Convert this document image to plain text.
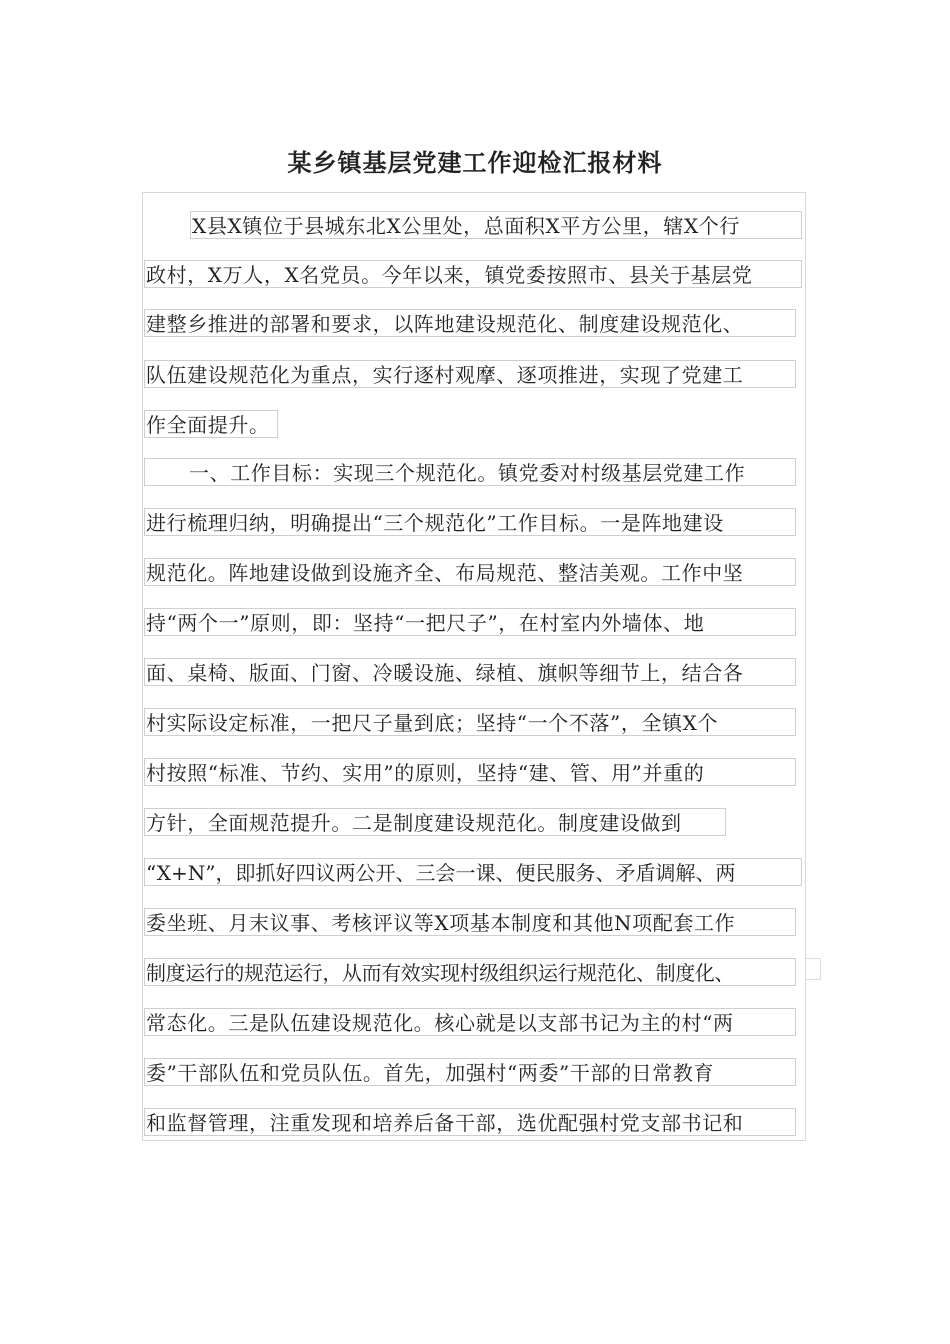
某乡镇基层党建工作迎检汇报材料
X县X镇位于县城东北X公里处，总面积X平方公里，辖X个行
政村，X万人，X名党员。今年以来，镇党委按照市、县关于基层党
建整乡推进的部署和要求，以阵地建设规范化、制度建设规范化、
队伍建设规范化为重点，实行逐村观摩、逐项推进，实现了党建工
作全面提升。
一、工作目标：实现三个规范化。镇党委对村级基层党建工作
进行梳理归纳，明确提出“三个规范化”工作目标。一是阵地建设
规范化。阵地建设做到设施齐全、布局规范、整洁美观。工作中坚
持“两个一”原则，即：坚持“一把尺子”，在村室内外墙体、地
面、桌椅、版面、门窗、冷暖设施、绿植、旗帜等细节上，结合各
村实际设定标准，一把尺子量到底；坚持“一个不落”，全镇X个
村按照“标准、节约、实用”的原则，坚持“建、管、用”并重的
方针，全面规范提升。二是制度建设规范化。制度建设做到
“X+N”，即抓好四议两公开、三会一课、便民服务、矛盾调解、两
委坐班、月末议事、考核评议等X项基本制度和其他N项配套工作
制度运行的规范运行，从而有效实现村级组织运行规范化、制度化、
常态化。三是队伍建设规范化。核心就是以支部书记为主的村“两
委”干部队伍和党员队伍。首先，加强村“两委”干部的日常教育
和监督管理，注重发现和培养后备干部，选优配强村党支部书记和
